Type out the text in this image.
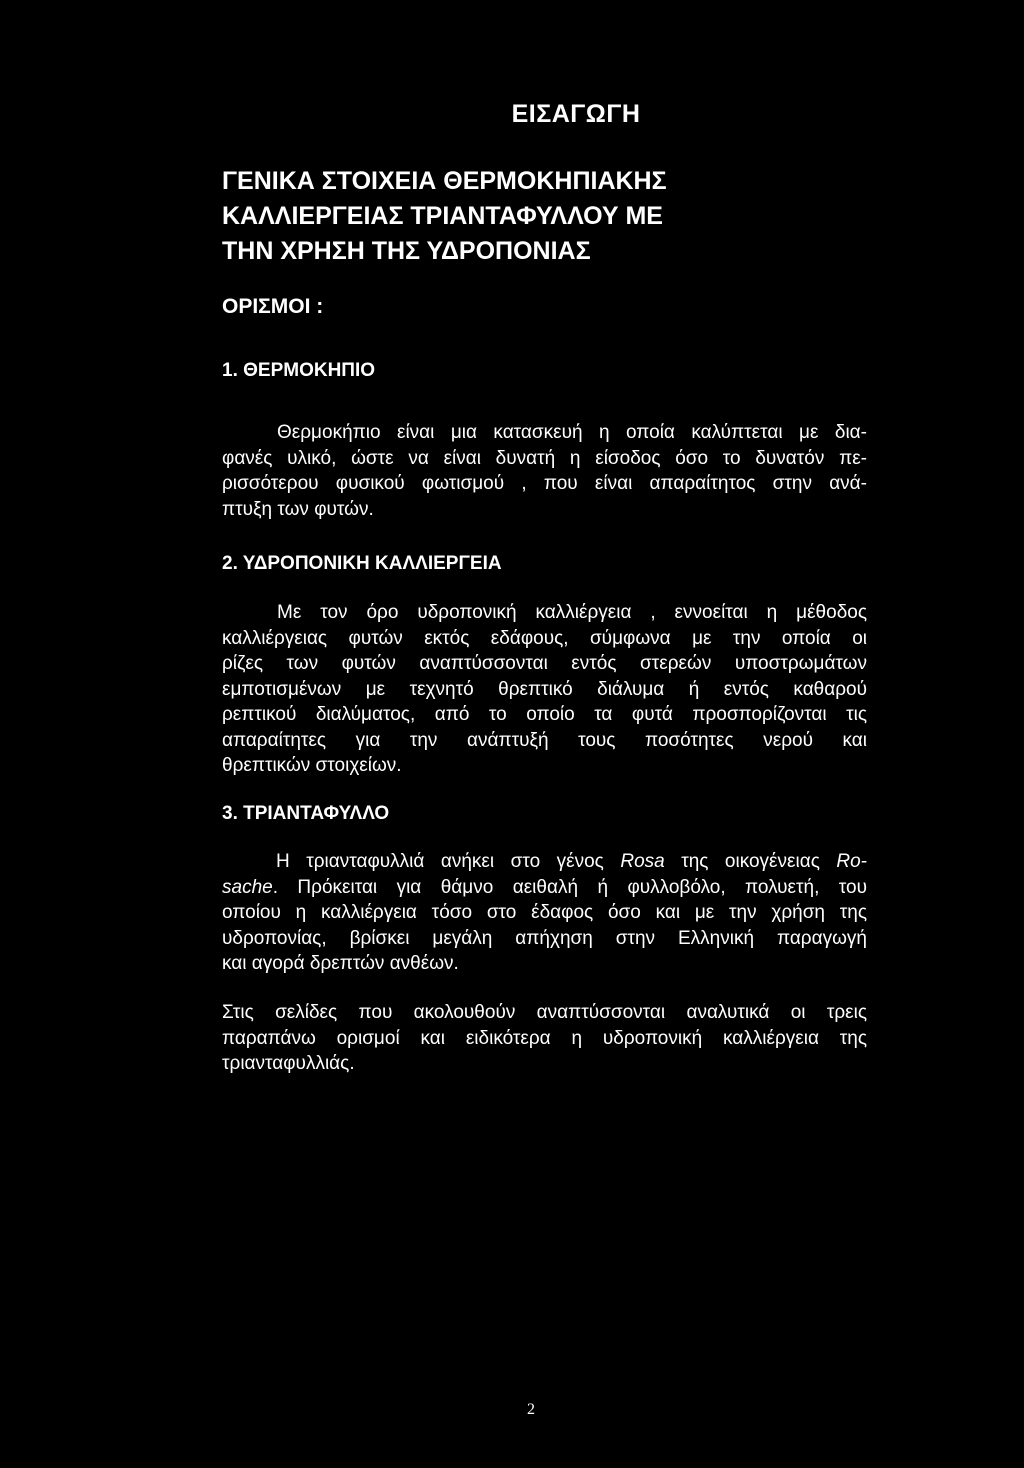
ΕΙΣΑΓΩΓΗ
ΓΕΝΙΚΑ ΣΤΟΙΧΕΙΑ ΘΕΡΜΟΚΗΠΙΑΚΗΣ
ΚΑΛΛΙΕΡΓΕΙΑΣ ΤΡΙΑΝΤΑΦΥΛΛΟΥ ΜΕ
ΤΗΝ ΧΡΗΣΗ ΤΗΣ ΥΔΡΟΠΟΝΙΑΣ
ΟΡΙΣΜΟΙ :
1. ΘΕΡΜΟΚΗΠΙΟ
Θερμοκήπιο είναι μια κατασκευή η οποία καλύπτεται με δια-
φανές υλικό, ώστε να είναι δυνατή η είσοδος όσο το δυνατόν πε-
ρισσότερου φυσικού φωτισμού , που είναι απαραίτητος στην ανά-
πτυξη των φυτών.
2. ΥΔΡΟΠΟΝΙΚΗ ΚΑΛΛΙΕΡΓΕΙΑ
Με τον όρο υδροπονική καλλιέργεια , εννοείται η μέθοδος
καλλιέργειας φυτών εκτός εδάφους, σύμφωνα με την οποία οι
ρίζες των φυτών αναπτύσσονται εντός στερεών υποστρωμάτων
εμποτισμένων με τεχνητό θρεπτικό διάλυμα ή εντός καθαρού
ρεπτικού διαλύματος, από το οποίο τα φυτά προσπορίζονται τις
απαραίτητες για την ανάπτυξή τους ποσότητες νερού και
θρεπτικών στοιχείων.
3. ΤΡΙΑΝΤΑΦΥΛΛΟ
Η τριανταφυλλιά ανήκει στο γένος Rosa της οικογένειας Ro-
sache. Πρόκειται για θάμνο αειθαλή ή φυλλοβόλο, πολυετή, του
οποίου η καλλιέργεια τόσο στο έδαφος όσο και με την χρήση της
υδροπονίας, βρίσκει μεγάλη απήχηση στην Ελληνική παραγωγή
και αγορά δρεπτών ανθέων.
Στις σελίδες που ακολουθούν αναπτύσσονται αναλυτικά οι τρεις
παραπάνω ορισμοί και ειδικότερα η υδροπονική καλλιέργεια της
τριανταφυλλιάς.
2
